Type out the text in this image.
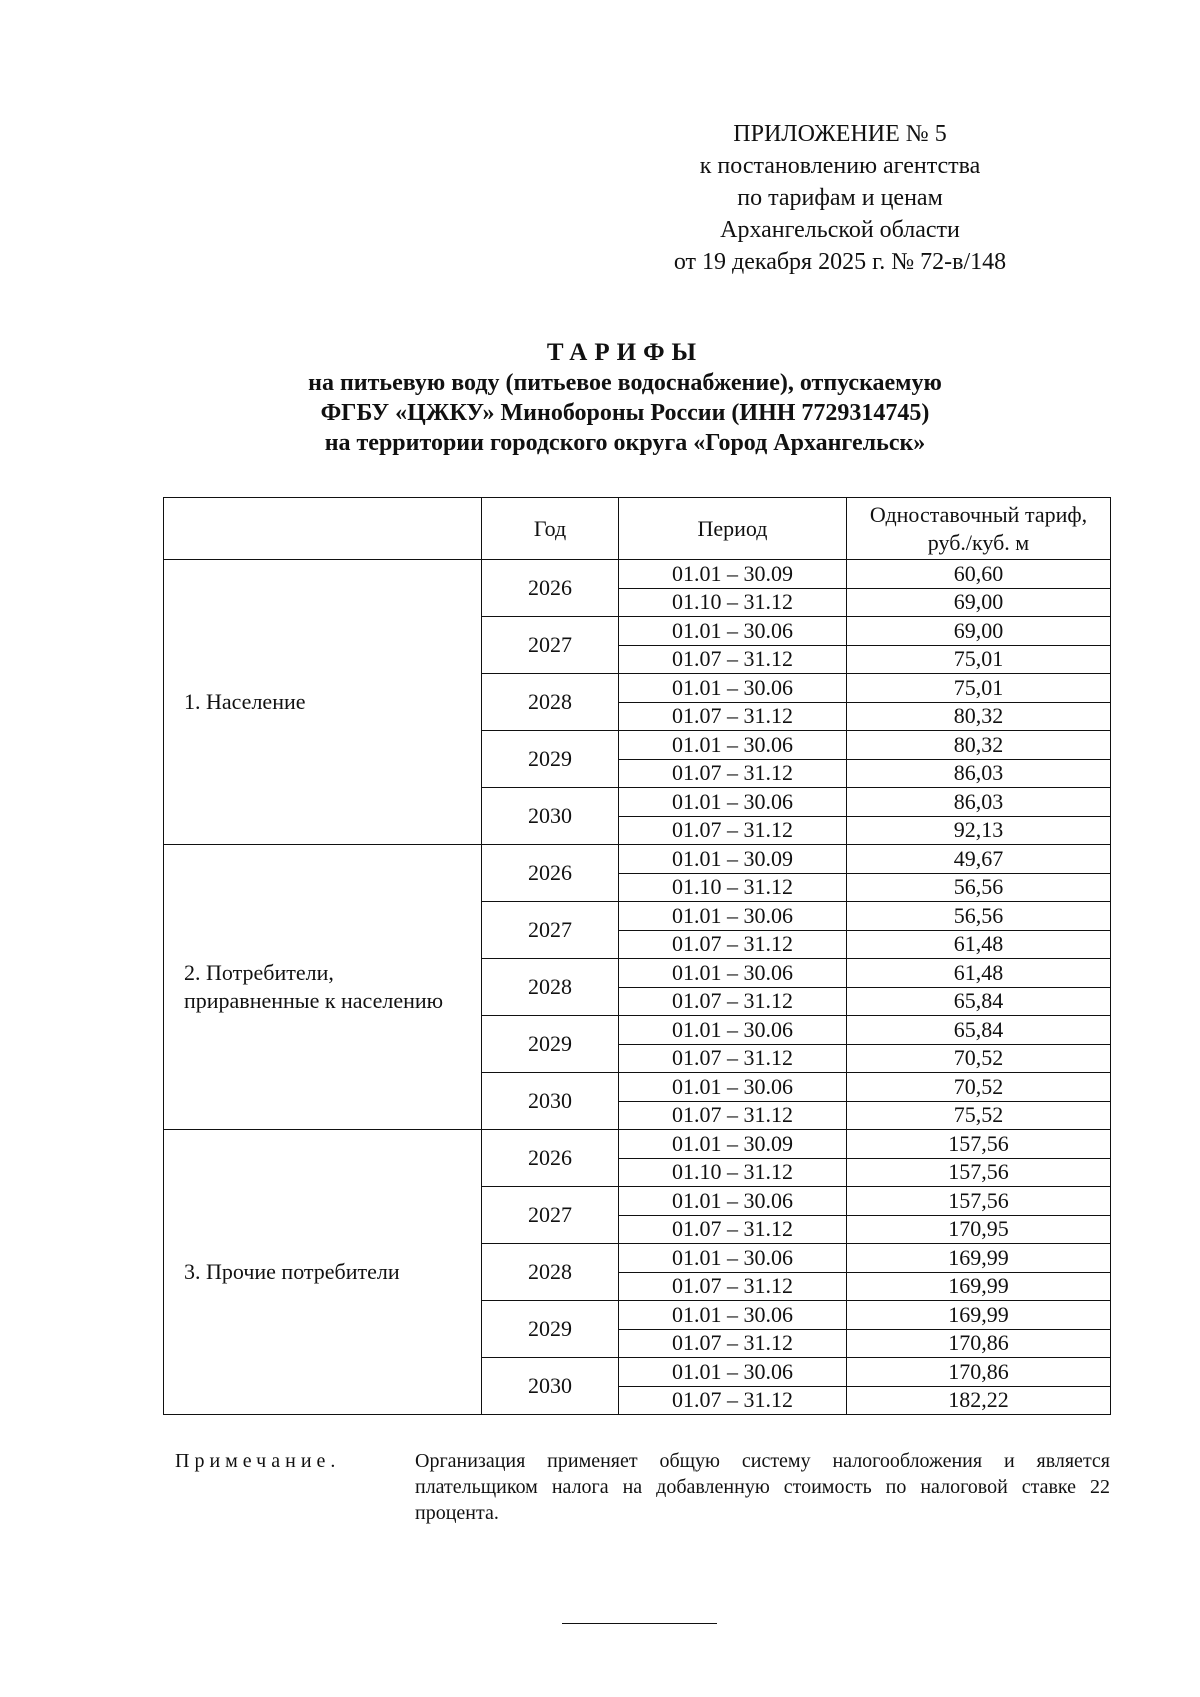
ПРИЛОЖЕНИЕ № 5
к постановлению агентства
по тарифам и ценам
Архангельской области
от 19 декабря 2025 г. № 72-в/148
ТАРИФЫ
на питьевую воду (питьевое водоснабжение), отпускаемую
ФГБУ «ЦЖКУ» Минобороны России (ИНН 7729314745)
на территории городского округа «Город Архангельск»
	Год	Период	Одноставочный тариф, руб./куб. м
1. Население	2026	01.01 – 30.09	60,60
		01.10 – 31.12	69,00
	2027	01.01 – 30.06	69,00
		01.07 – 31.12	75,01
	2028	01.01 – 30.06	75,01
		01.07 – 31.12	80,32
	2029	01.01 – 30.06	80,32
		01.07 – 31.12	86,03
	2030	01.01 – 30.06	86,03
		01.07 – 31.12	92,13
2. Потребители,
приравненные к населению	2026	01.01 – 30.09	49,67
		01.10 – 31.12	56,56
	2027	01.01 – 30.06	56,56
		01.07 – 31.12	61,48
	2028	01.01 – 30.06	61,48
		01.07 – 31.12	65,84
	2029	01.01 – 30.06	65,84
		01.07 – 31.12	70,52
	2030	01.01 – 30.06	70,52
		01.07 – 31.12	75,52
3. Прочие потребители	2026	01.01 – 30.09	157,56
		01.10 – 31.12	157,56
	2027	01.01 – 30.06	157,56
		01.07 – 31.12	170,95
	2028	01.01 – 30.06	169,99
		01.07 – 31.12	169,99
	2029	01.01 – 30.06	169,99
		01.07 – 31.12	170,86
	2030	01.01 – 30.06	170,86
		01.07 – 31.12	182,22
Примечание.	Организация применяет общую систему налогообложения и является плательщиком налога на добавленную стоимость по налоговой ставке 22 процента.
